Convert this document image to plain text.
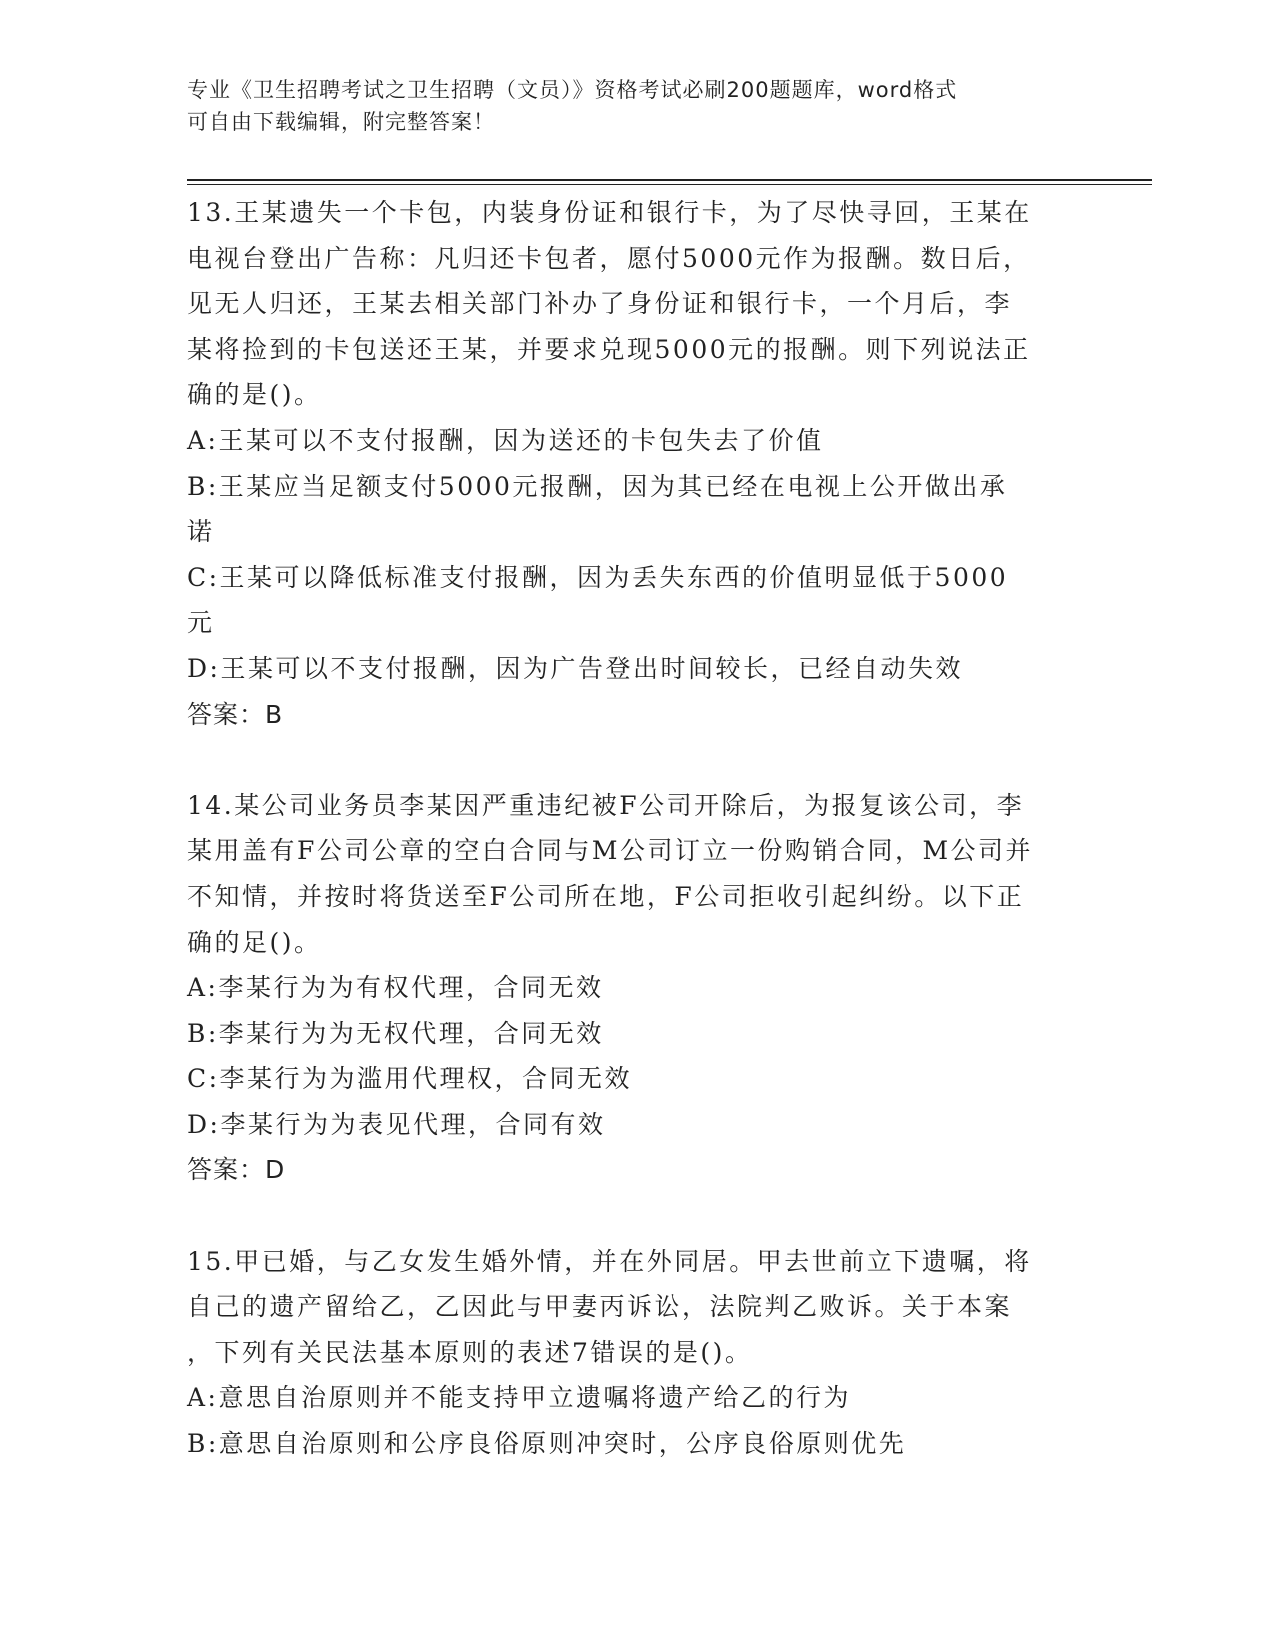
专业《卫生招聘考试之卫生招聘（文员）》资格考试必刷200题题库，word格式
可自由下载编辑，附完整答案！
13.王某遗失一个卡包，内装身份证和银行卡，为了尽快寻回，王某在
电视台登出广告称：凡归还卡包者，愿付5000元作为报酬。数日后，
见无人归还，王某去相关部门补办了身份证和银行卡，一个月后，李
某将捡到的卡包送还王某，并要求兑现5000元的报酬。则下列说法正
确的是()。
A:王某可以不支付报酬，因为送还的卡包失去了价值
B:王某应当足额支付5000元报酬，因为其已经在电视上公开做出承
诺
C:王某可以降低标准支付报酬，因为丢失东西的价值明显低于5000
元
D:王某可以不支付报酬，因为广告登出时间较长，已经自动失效
答案：B
14.某公司业务员李某因严重违纪被F公司开除后，为报复该公司，李
某用盖有F公司公章的空白合同与M公司订立一份购销合同，M公司并
不知情，并按时将货送至F公司所在地，F公司拒收引起纠纷。以下正
确的足()。
A:李某行为为有权代理，合同无效
B:李某行为为无权代理，合同无效
C:李某行为为滥用代理权，合同无效
D:李某行为为表见代理，合同有效
答案：D
15.甲已婚，与乙女发生婚外情，并在外同居。甲去世前立下遗嘱，将
自己的遗产留给乙，乙因此与甲妻丙诉讼，法院判乙败诉。关于本案
，下列有关民法基本原则的表述7错误的是()。
A:意思自治原则并不能支持甲立遗嘱将遗产给乙的行为
B:意思自治原则和公序良俗原则冲突时，公序良俗原则优先
